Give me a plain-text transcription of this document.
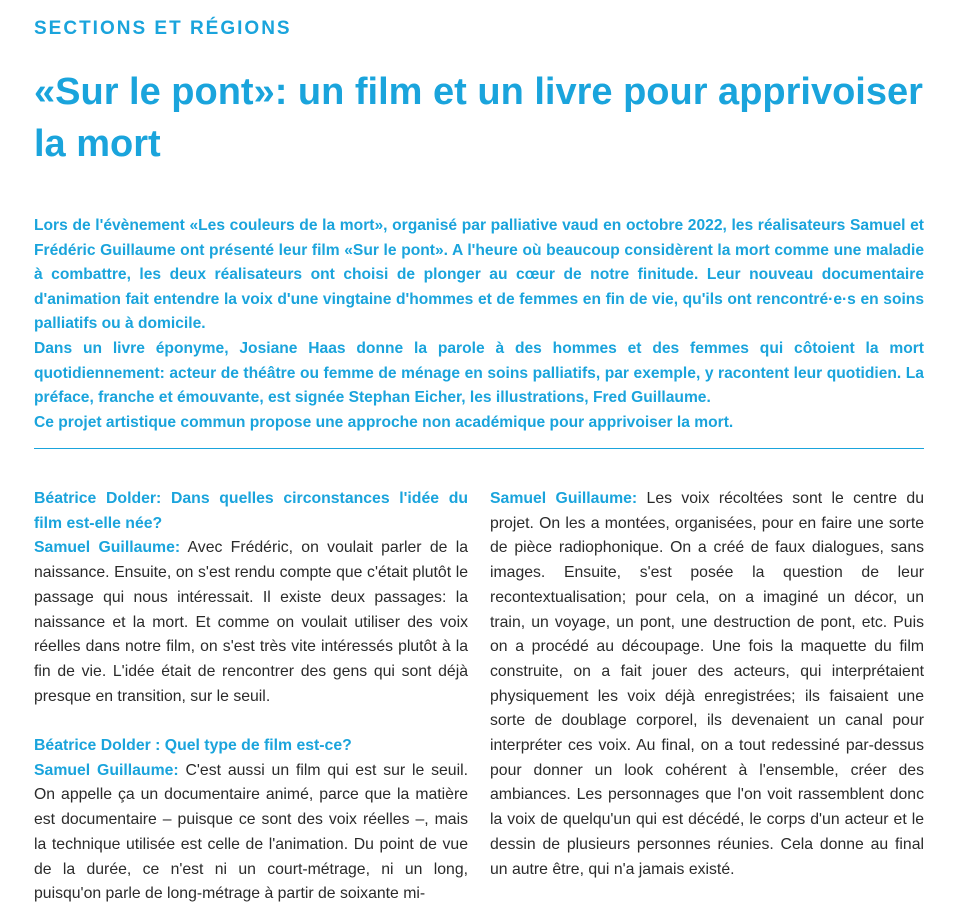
SECTIONS ET RÉGIONS
«Sur le pont»: un film et un livre pour apprivoiser la mort

Lors de l'évènement «Les couleurs de la mort», organisé par palliative vaud en octobre 2022, les réalisateurs Samuel et Frédéric Guillaume ont présenté leur film «Sur le pont». A l'heure où beaucoup considèrent la mort comme une maladie à combattre, les deux réalisateurs ont choisi de plonger au cœur de notre finitude. Leur nouveau documentaire d'animation fait entendre la voix d'une vingtaine d'hommes et de femmes en fin de vie, qu'ils ont rencontré·e·s en soins palliatifs ou à domicile.

Dans un livre éponyme, Josiane Haas donne la parole à des hommes et des femmes qui côtoient la mort quotidiennement: acteur de théâtre ou femme de ménage en soins palliatifs, par exemple, y racontent leur quotidien. La préface, franche et émouvante, est signée Stephan Eicher, les illustrations, Fred Guillaume.

Ce projet artistique commun propose une approche non académique pour apprivoiser la mort.

Béatrice Dolder: Dans quelles circonstances l'idée du film est-elle née?

Samuel Guillaume: Avec Frédéric, on voulait parler de la naissance. Ensuite, on s'est rendu compte que c'était plutôt le passage qui nous intéressait. Il existe deux passages: la naissance et la mort. Et comme on voulait utiliser des voix réelles dans notre film, on s'est très vite intéressés plutôt à la fin de vie. L'idée était de rencontrer des gens qui sont déjà presque en transition, sur le seuil.

Béatrice Dolder : Quel type de film est-ce?

Samuel Guillaume: C'est aussi un film qui est sur le seuil. On appelle ça un documentaire animé, parce que la matière est documentaire – puisque ce sont des voix réelles –, mais la technique utilisée est celle de l'animation. Du point de vue de la durée, ce n'est ni un court-métrage, ni un long, puisqu'on parle de long-métrage à partir de soixante mi-

Samuel Guillaume: Les voix récoltées sont le centre du projet. On les a montées, organisées, pour en faire une sorte de pièce radiophonique. On a créé de faux dialogues, sans images. Ensuite, s'est posée la question de leur recontextualisation; pour cela, on a imaginé un décor, un train, un voyage, un pont, une destruction de pont, etc. Puis on a procédé au découpage. Une fois la maquette du film construite, on a fait jouer des acteurs, qui interprétaient physiquement les voix déjà enregistrées; ils faisaient une sorte de doublage corporel, ils devenaient un canal pour interpréter ces voix. Au final, on a tout redessiné par-dessus pour donner un look cohérent à l'ensemble, créer des ambiances. Les personnages que l'on voit rassemblent donc la voix de quelqu'un qui est décédé, le corps d'un acteur et le dessin de plusieurs personnes réunies. Cela donne au final un autre être, qui n'a jamais existé.
